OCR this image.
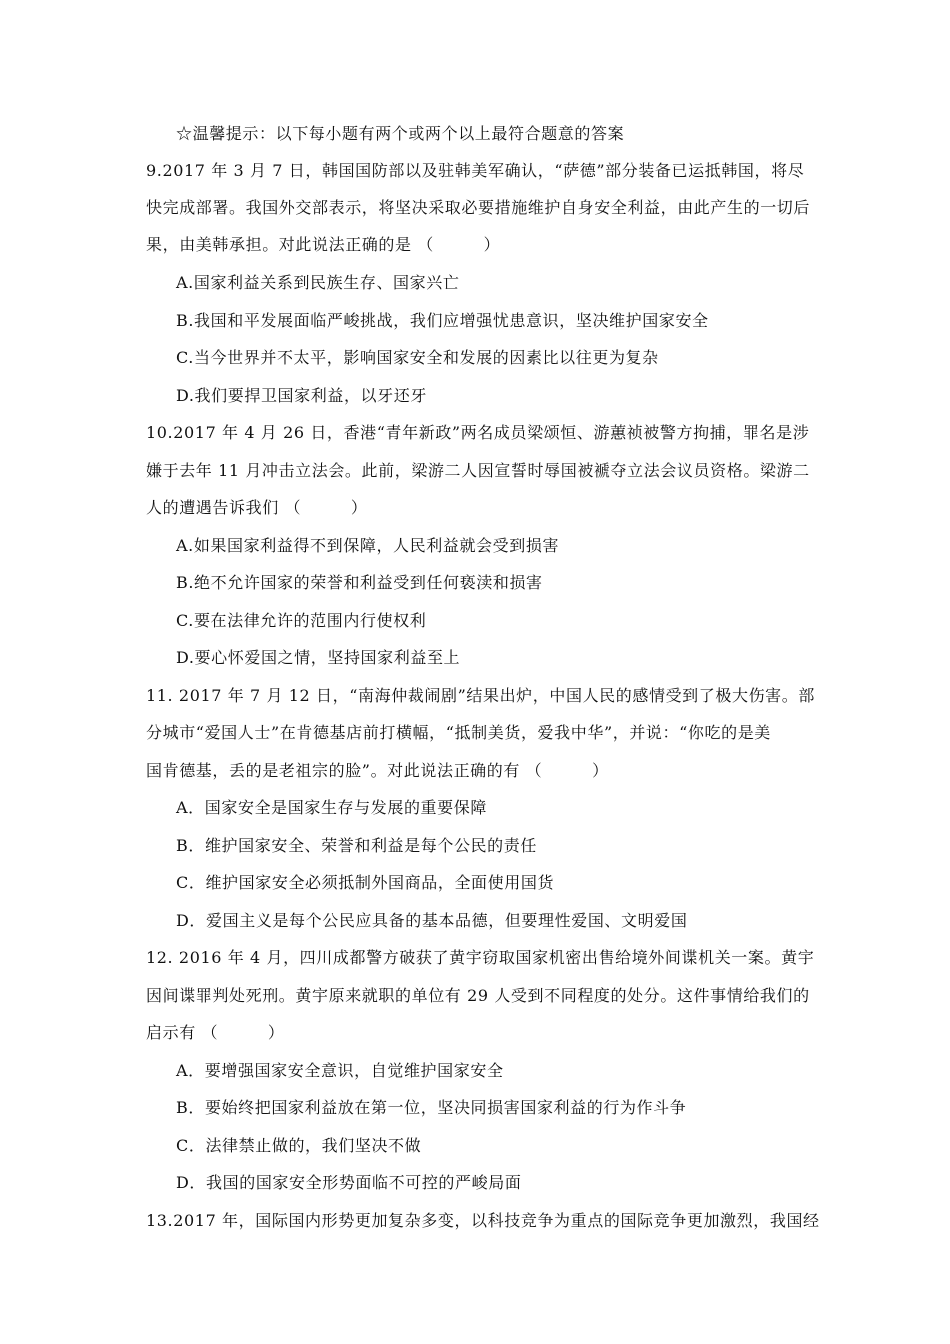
☆温馨提示：以下每小题有两个或两个以上最符合题意的答案
9.2017 年 3 月 7 日，韩国国防部以及驻韩美军确认，“萨德”部分装备已运抵韩国，将尽
快完成部署。我国外交部表示，将坚决采取必要措施维护自身安全利益，由此产生的一切后
果，由美韩承担。对此说法正确的是 （　　　）
A.国家利益关系到民族生存、国家兴亡
B.我国和平发展面临严峻挑战，我们应增强忧患意识，坚决维护国家安全
C.当今世界并不太平，影响国家安全和发展的因素比以往更为复杂
D.我们要捍卫国家利益，以牙还牙
10.2017 年 4 月 26 日，香港“青年新政”两名成员梁颂恒、游蕙祯被警方拘捕，罪名是涉
嫌于去年 11 月冲击立法会。此前，梁游二人因宣誓时辱国被褫夺立法会议员资格。梁游二
人的遭遇告诉我们 （　　　）
A.如果国家利益得不到保障，人民利益就会受到损害
B.绝不允许国家的荣誉和利益受到任何亵渎和损害
C.要在法律允许的范围内行使权利
D.要心怀爱国之情，坚持国家利益至上
11. 2017 年 7 月 12 日，“南海仲裁闹剧”结果出炉，中国人民的感情受到了极大伤害。部
分城市“爱国人士”在肯德基店前打横幅，“抵制美货，爱我中华”，并说：“你吃的是美
国肯德基，丢的是老祖宗的脸”。对此说法正确的有 （　　　）
A．国家安全是国家生存与发展的重要保障
B．维护国家安全、荣誉和利益是每个公民的责任
C．维护国家安全必须抵制外国商品，全面使用国货
D．爱国主义是每个公民应具备的基本品德，但要理性爱国、文明爱国
12. 2016 年 4 月，四川成都警方破获了黄宇窃取国家机密出售给境外间谍机关一案。黄宇
因间谍罪判处死刑。黄宇原来就职的单位有 29 人受到不同程度的处分。这件事情给我们的
启示有 （　　　）
A．要增强国家安全意识，自觉维护国家安全
B．要始终把国家利益放在第一位，坚决同损害国家利益的行为作斗争
C．法律禁止做的，我们坚决不做
D．我国的国家安全形势面临不可控的严峻局面
13.2017 年，国际国内形势更加复杂多变，以科技竞争为重点的国际竞争更加激烈，我国经
